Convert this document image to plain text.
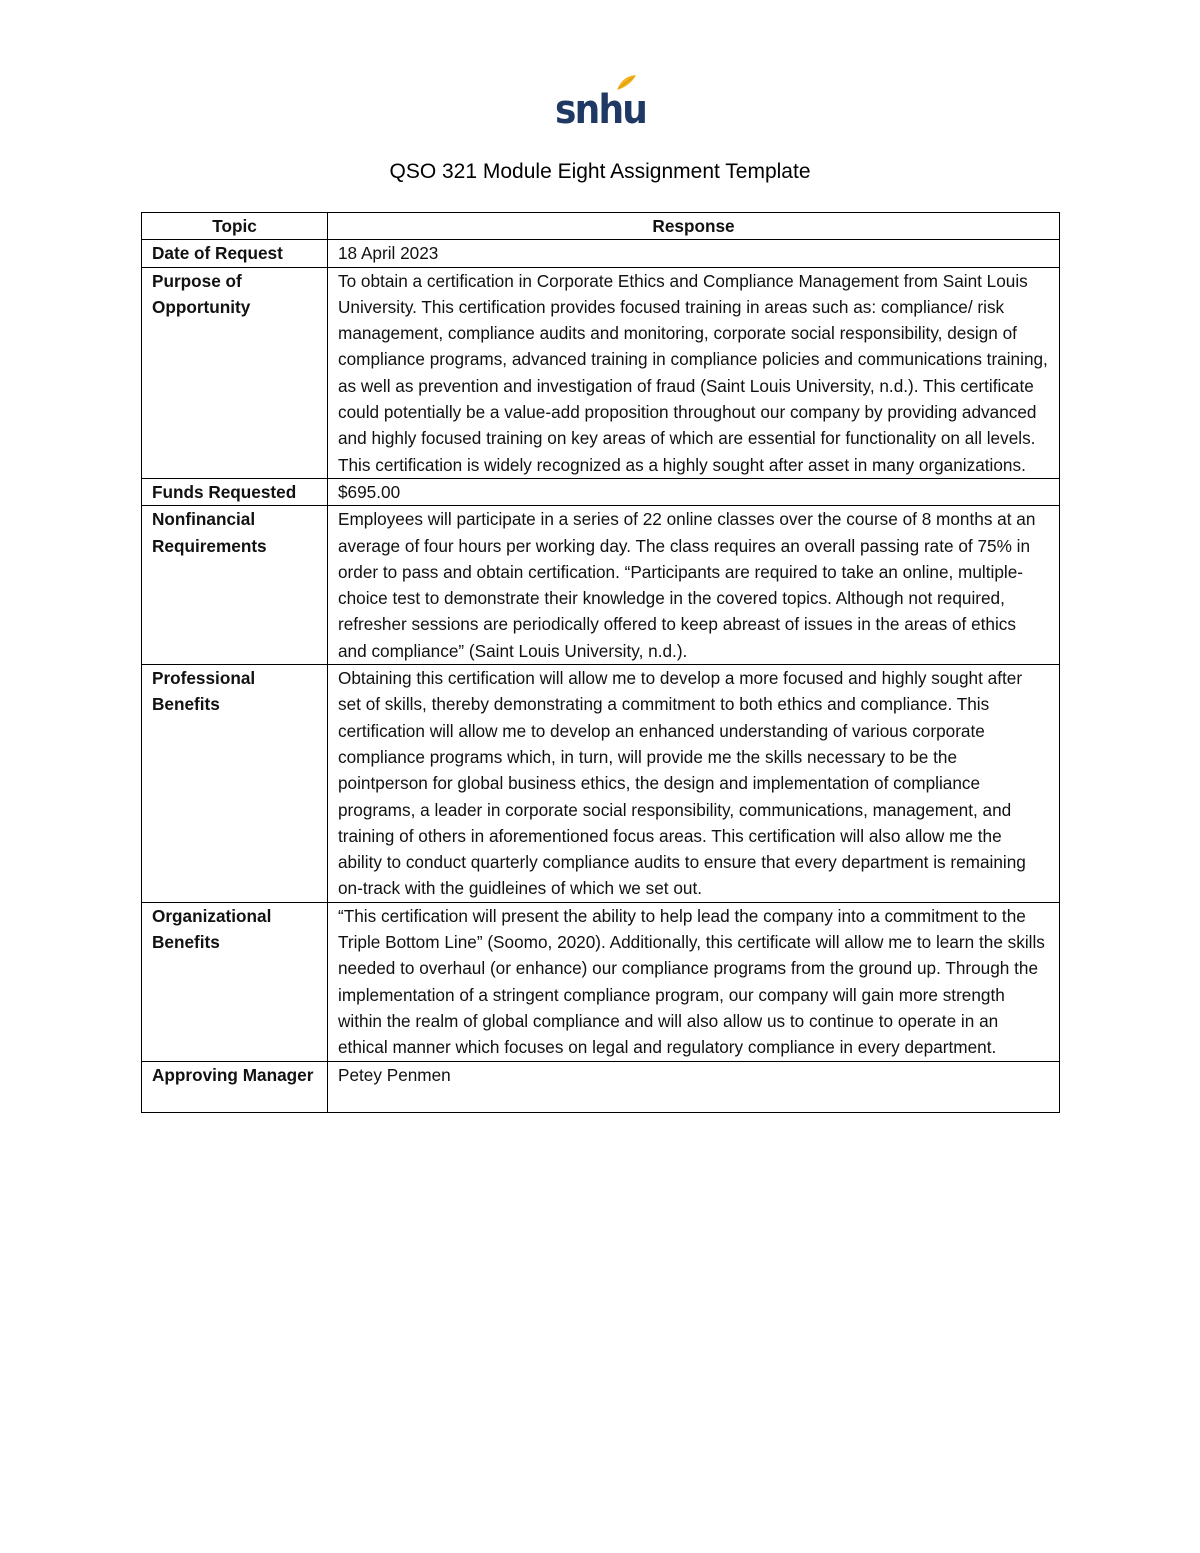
snhu
QSO 321 Module Eight Assignment Template
Topic	Response
Date of Request	18 April 2023
Purpose of Opportunity	To obtain a certification in Corporate Ethics and Compliance Management from Saint Louis University. This certification provides focused training in areas such as: compliance/ risk management, compliance audits and monitoring, corporate social responsibility, design of compliance programs, advanced training in compliance policies and communications training, as well as prevention and investigation of fraud (Saint Louis University, n.d.). This certificate could potentially be a value-add proposition throughout our company by providing advanced and highly focused training on key areas of which are essential for functionality on all levels. This certification is widely recognized as a highly sought after asset in many organizations.
Funds Requested	$695.00
Nonfinancial Requirements	Employees will participate in a series of 22 online classes over the course of 8 months at an average of four hours per working day. The class requires an overall passing rate of 75% in order to pass and obtain certification. “Participants are required to take an online, multiple-choice test to demonstrate their knowledge in the covered topics. Although not required, refresher sessions are periodically offered to keep abreast of issues in the areas of ethics and compliance” (Saint Louis University, n.d.).
Professional Benefits	Obtaining this certification will allow me to develop a more focused and highly sought after set of skills, thereby demonstrating a commitment to both ethics and compliance. This certification will allow me to develop an enhanced understanding of various corporate compliance programs which, in turn, will provide me the skills necessary to be the pointperson for global business ethics, the design and implementation of compliance programs, a leader in corporate social responsibility, communications, management, and training of others in aforementioned focus areas. This certification will also allow me the ability to conduct quarterly compliance audits to ensure that every department is remaining on-track with the guidleines of which we set out.
Organizational Benefits	“This certification will present the ability to help lead the company into a commitment to the Triple Bottom Line” (Soomo, 2020). Additionally, this certificate will allow me to learn the skills needed to overhaul (or enhance) our compliance programs from the ground up. Through the implementation of a stringent compliance program, our company will gain more strength within the realm of global compliance and will also allow us to continue to operate in an ethical manner which focuses on legal and regulatory compliance in every department.
Approving Manager	Petey Penmen
